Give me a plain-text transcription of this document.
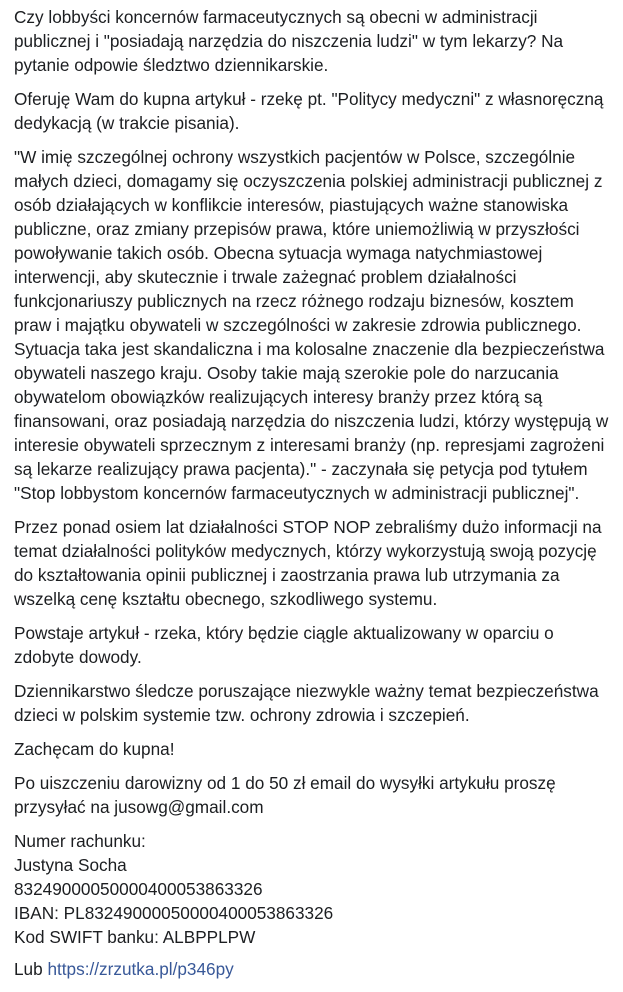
Czy lobbyści koncernów farmaceutycznych są obecni w administracji publicznej i "posiadają narzędzia do niszczenia ludzi" w tym lekarzy? Na pytanie odpowie śledztwo dziennikarskie.

Oferuję Wam do kupna artykuł - rzekę pt. "Politycy medyczni" z własnoręczną dedykacją (w trakcie pisania).

"W imię szczególnej ochrony wszystkich pacjentów w Polsce, szczególnie małych dzieci, domagamy się oczyszczenia polskiej administracji publicznej z osób działających w konflikcie interesów, piastujących ważne stanowiska publiczne, oraz zmiany przepisów prawa, które uniemożliwią w przyszłości powoływanie takich osób. Obecna sytuacja wymaga natychmiastowej interwencji, aby skutecznie i trwale zażegnać problem działalności funkcjonariuszy publicznych na rzecz różnego rodzaju biznesów, kosztem praw i majątku obywateli w szczególności w zakresie zdrowia publicznego. Sytuacja taka jest skandaliczna i ma kolosalne znaczenie dla bezpieczeństwa obywateli naszego kraju. Osoby takie mają szerokie pole do narzucania obywatelom obowiązków realizujących interesy branży przez którą są finansowani, oraz posiadają narzędzia do niszczenia ludzi, którzy występują w interesie obywateli sprzecznym z interesami branży (np. represjami zagrożeni są lekarze realizujący prawa pacjenta)." - zaczynała się petycja pod tytułem "Stop lobbystom koncernów farmaceutycznych w administracji publicznej".

Przez ponad osiem lat działalności STOP NOP zebraliśmy dużo informacji na temat działalności polityków medycznych, którzy wykorzystują swoją pozycję do kształtowania opinii publicznej i zaostrzania prawa lub utrzymania za wszelką cenę kształtu obecnego, szkodliwego systemu.

Powstaje artykuł - rzeka, który będzie ciągle aktualizowany w oparciu o zdobyte dowody.

Dziennikarstwo śledcze poruszające niezwykle ważny temat bezpieczeństwa dzieci w polskim systemie tzw. ochrony zdrowia i szczepień.

Zachęcam do kupna!

Po uiszczeniu darowizny od 1 do 50 zł email do wysyłki artykułu proszę przysyłać na jusowg@gmail.com

Numer rachunku:
Justyna Socha
83249000050000400053863326
IBAN: PL83249000050000400053863326
Kod SWIFT banku: ALBPPLPW

Lub https://zrzutka.pl/p346py
